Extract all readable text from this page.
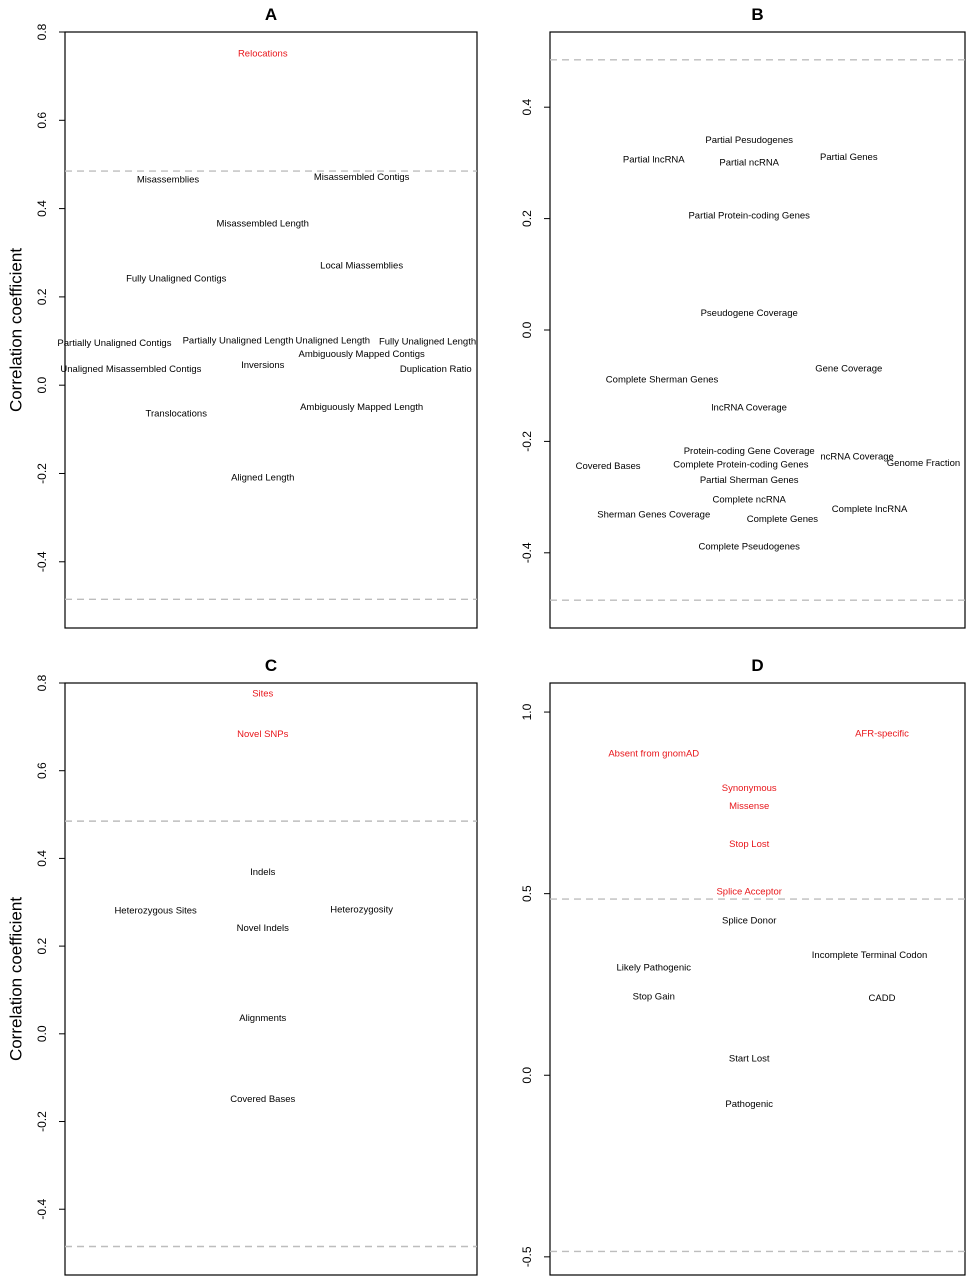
A
-0.4
-0.2
0.0
0.2
0.4
0.6
0.8
Correlation coefficient
Relocations
Misassemblies	Misassembled Contigs
Misassembled Length
Local Miassemblies
Fully Unaligned Contigs
Partially Unaligned Contigs Partially Unaligned Length Unaligned Length Fully Unaligned Length
Ambiguously Mapped Contigs
Unaligned Misassembled Contigs	Inversions	Duplication Ratio
Ambiguously Mapped Length
Translocations
Aligned Length
B
-0.4
-0.2
0.0
0.2
0.4
Partial Pesudogenes
Partial lncRNA	Partial ncRNA
Partial Genes
Partial Protein-coding Genes
Pseudogene Coverage
Gene Coverage
Complete Sherman Genes
lncRNA Coverage
Protein-coding Gene Coverage
ncRNA Coverage
Covered Bases	Complete Protein-coding Genes	Genome Fraction
Partial Sherman Genes
Complete ncRNA
Complete lncRNA
Sherman Genes Coverage	Complete Genes
Complete Pseudogenes
C
-0.4
-0.2
0.0
0.2
0.4
0.6
0.8
Correlation coefficient
Sites
Novel SNPs
Indels
Heterozygous Sites	Heterozygosity
Novel Indels
Alignments
Covered Bases
D
-0.5
0.0
0.5
1.0
AFR-specific
Absent from gnomAD
Synonymous
Missense
Stop Lost
Splice Acceptor
Splice Donor
Incomplete Terminal Codon
Likely Pathogenic
Stop Gain	CADD
Start Lost
Pathogenic
